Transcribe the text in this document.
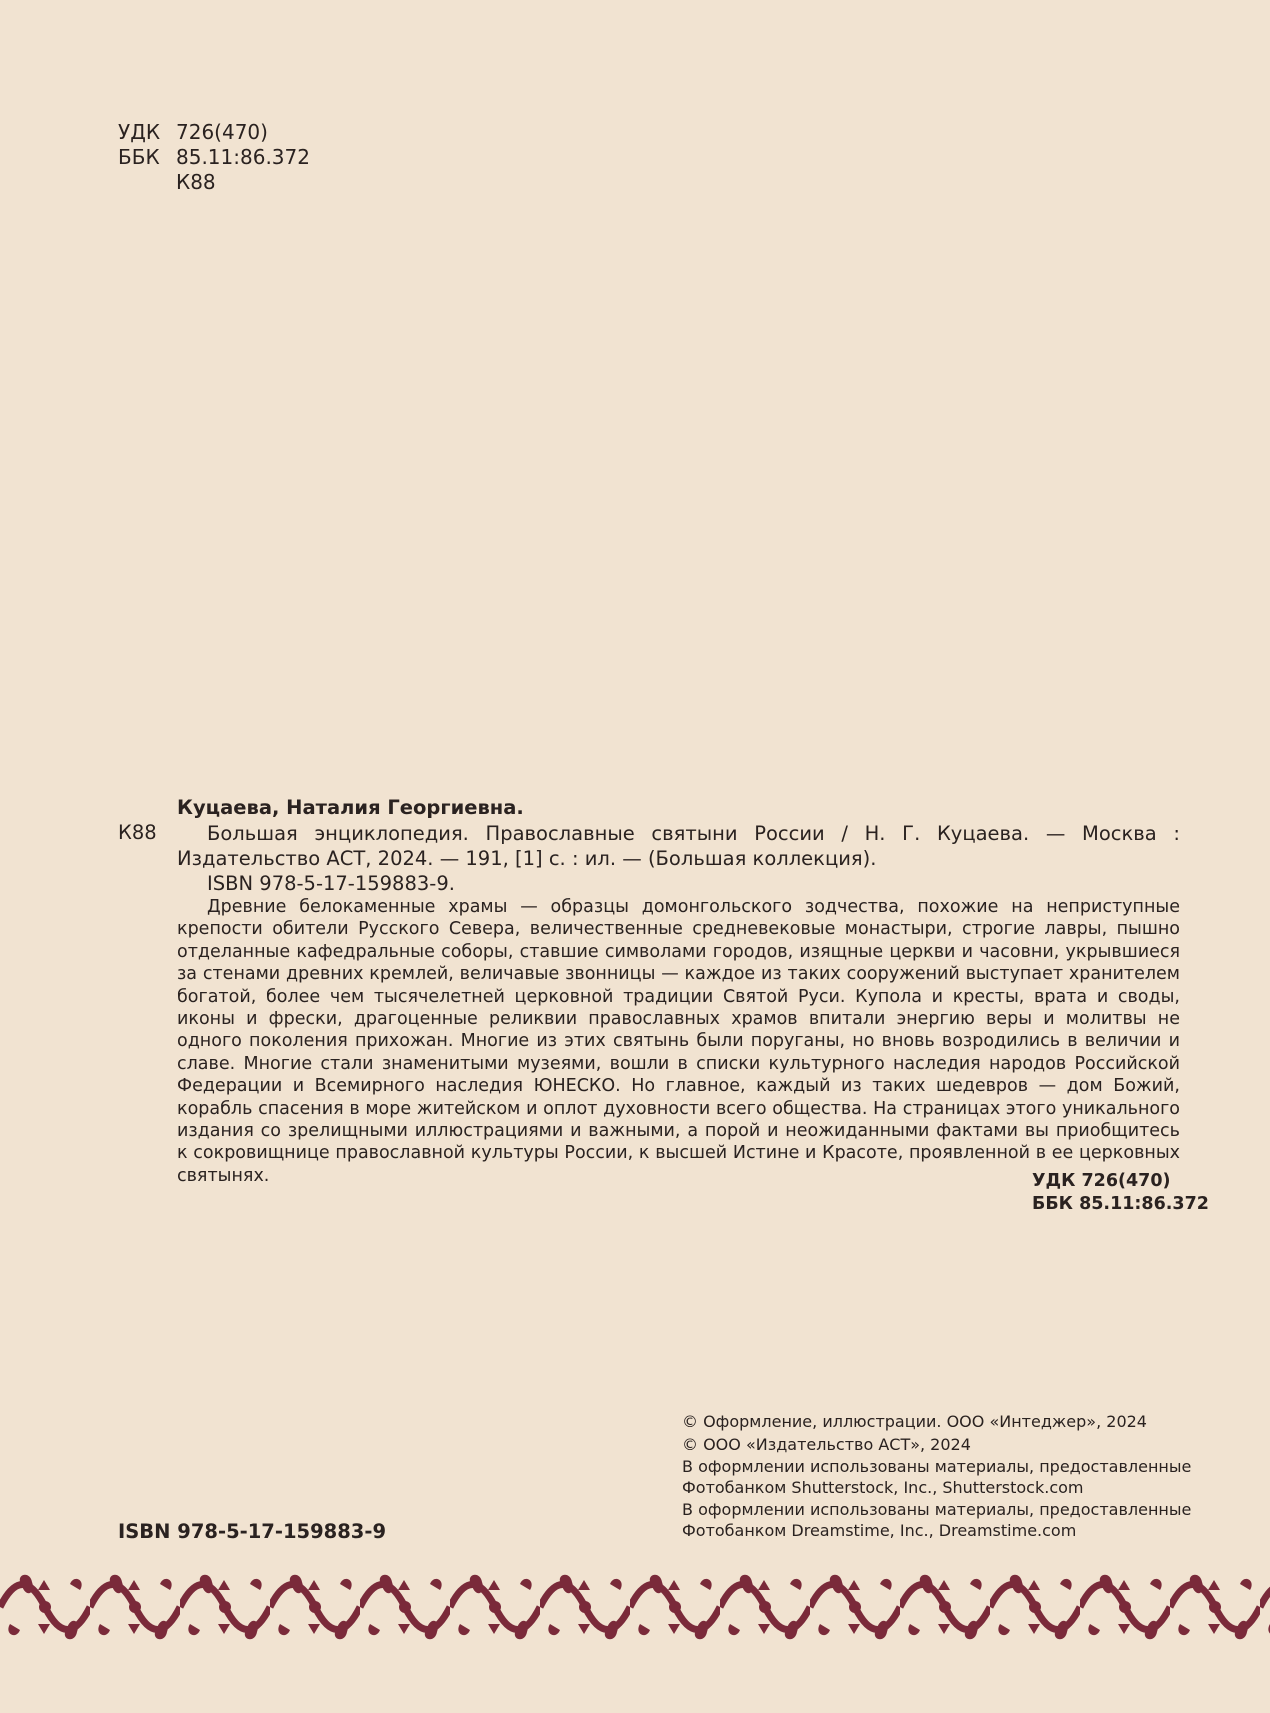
УДК 726(470)
ББК 85.11:86.372
К88
Куцаева, Наталия Георгиевна.
К88	Большая энциклопедия. Православные святыни России / Н. Г. Куцаева. — Москва : Издательство АСТ, 2024. — 191, [1] с. : ил. — (Большая коллекция).

ISBN 978-5-17-159883-9.

Древние белокаменные храмы — образцы домонгольского зодчества, похожие на неприступные крепости обители Русского Севера, величественные средневековые монастыри, строгие лавры, пышно отделанные кафедральные соборы, ставшие символами городов, изящные церкви и часовни, укрывшиеся за стенами древних кремлей, величавые звонницы — каждое из таких сооружений выступает хранителем богатой, более чем тысячелетней церковной традиции Святой Руси. Купола и кресты, врата и своды, иконы и фрески, драгоценные реликвии православных храмов впитали энергию веры и молитвы не одного поколения прихожан. Многие из этих святынь были поруганы, но вновь возродились в величии и славе. Многие стали знаменитыми музеями, вошли в списки культурного наследия народов Российской Федерации и Всемирного наследия ЮНЕСКО. Но главное, каждый из таких шедевров — дом Божий, корабль спасения в море житейском и оплот духовности всего общества. На страницах этого уникального издания со зрелищными иллюстрациями и важными, а порой и неожиданными фактами вы приобщитесь к сокровищнице православной культуры России, к высшей Истине и Красоте, проявленной в ее церковных святынях.	УДК 726(470)
ББК 85.11:86.372
© Оформление, иллюстрации. ООО «Интеджер», 2024
© ООО «Издательство АСТ», 2024
В оформлении использованы материалы, предоставленные
Фотобанком Shutterstock, Inc., Shutterstock.com
В оформлении использованы материалы, предоставленные
Фотобанком Dreamstime, Inc., Dreamstime.com
ISBN 978-5-17-159883-9
